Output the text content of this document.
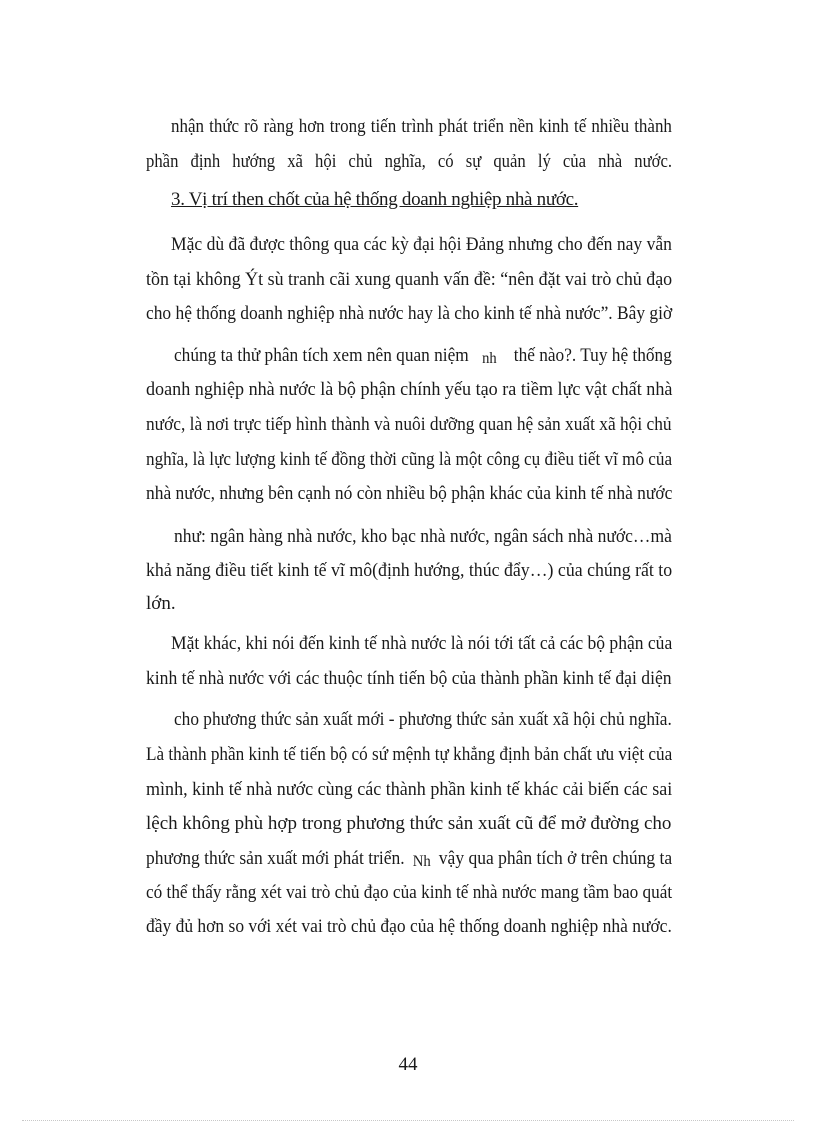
nhận thức rõ ràng hơn trong tiến trình phát triển nền kinh tế nhiều thành
phần định hướng xã hội chủ nghĩa, có sự quản lý của nhà nước.
3. Vị trí then chốt của hệ thống doanh nghiệp nhà nước.
Mặc dù đã được thông qua các kỳ đại hội Đảng nhưng cho đến nay vẫn
tồn tại không Ýt sù tranh cãi xung quanh vấn đề: “nên đặt vai trò chủ đạo
cho hệ thống doanh nghiệp nhà nước hay là cho kinh tế nhà nước”. Bây giờ
chúng ta thử phân tích xem nên quan niệm nh thế nào?. Tuy hệ thống
doanh nghiệp nhà nước là bộ phận chính yếu tạo ra tiềm lực vật chất nhà
nước, là nơi trực tiếp hình thành và nuôi dưỡng quan hệ sản xuất xã hội chủ
nghĩa, là lực lượng kinh tế đồng thời cũng là một công cụ điều tiết vĩ mô của
nhà nước, nhưng bên cạnh nó còn nhiều bộ phận khác của kinh tế nhà nước
như: ngân hàng nhà nước, kho bạc nhà nước, ngân sách nhà nước…mà
khả năng điều tiết kinh tế vĩ mô(định hướng, thúc đẩy…) của chúng rất to
lớn.
Mặt khác, khi nói đến kinh tế nhà nước là nói tới tất cả các bộ phận của
kinh tế nhà nước với các thuộc tính tiến bộ của thành phần kinh tế đại diện
cho phương thức sản xuất mới - phương thức sản xuất xã hội chủ nghĩa.
Là thành phần kinh tế tiến bộ có sứ mệnh tự khẳng định bản chất ưu việt của
mình, kinh tế nhà nước cùng các thành phần kinh tế khác cải biến các sai
lệch không phù hợp trong phương thức sản xuất cũ để mở đường cho
phương thức sản xuất mới phát triển. Nh vậy qua phân tích ở trên chúng ta
có thể thấy rằng xét vai trò chủ đạo của kinh tế nhà nước mang tầm bao quát
đầy đủ hơn so với xét vai trò chủ đạo của hệ thống doanh nghiệp nhà nước.
44
